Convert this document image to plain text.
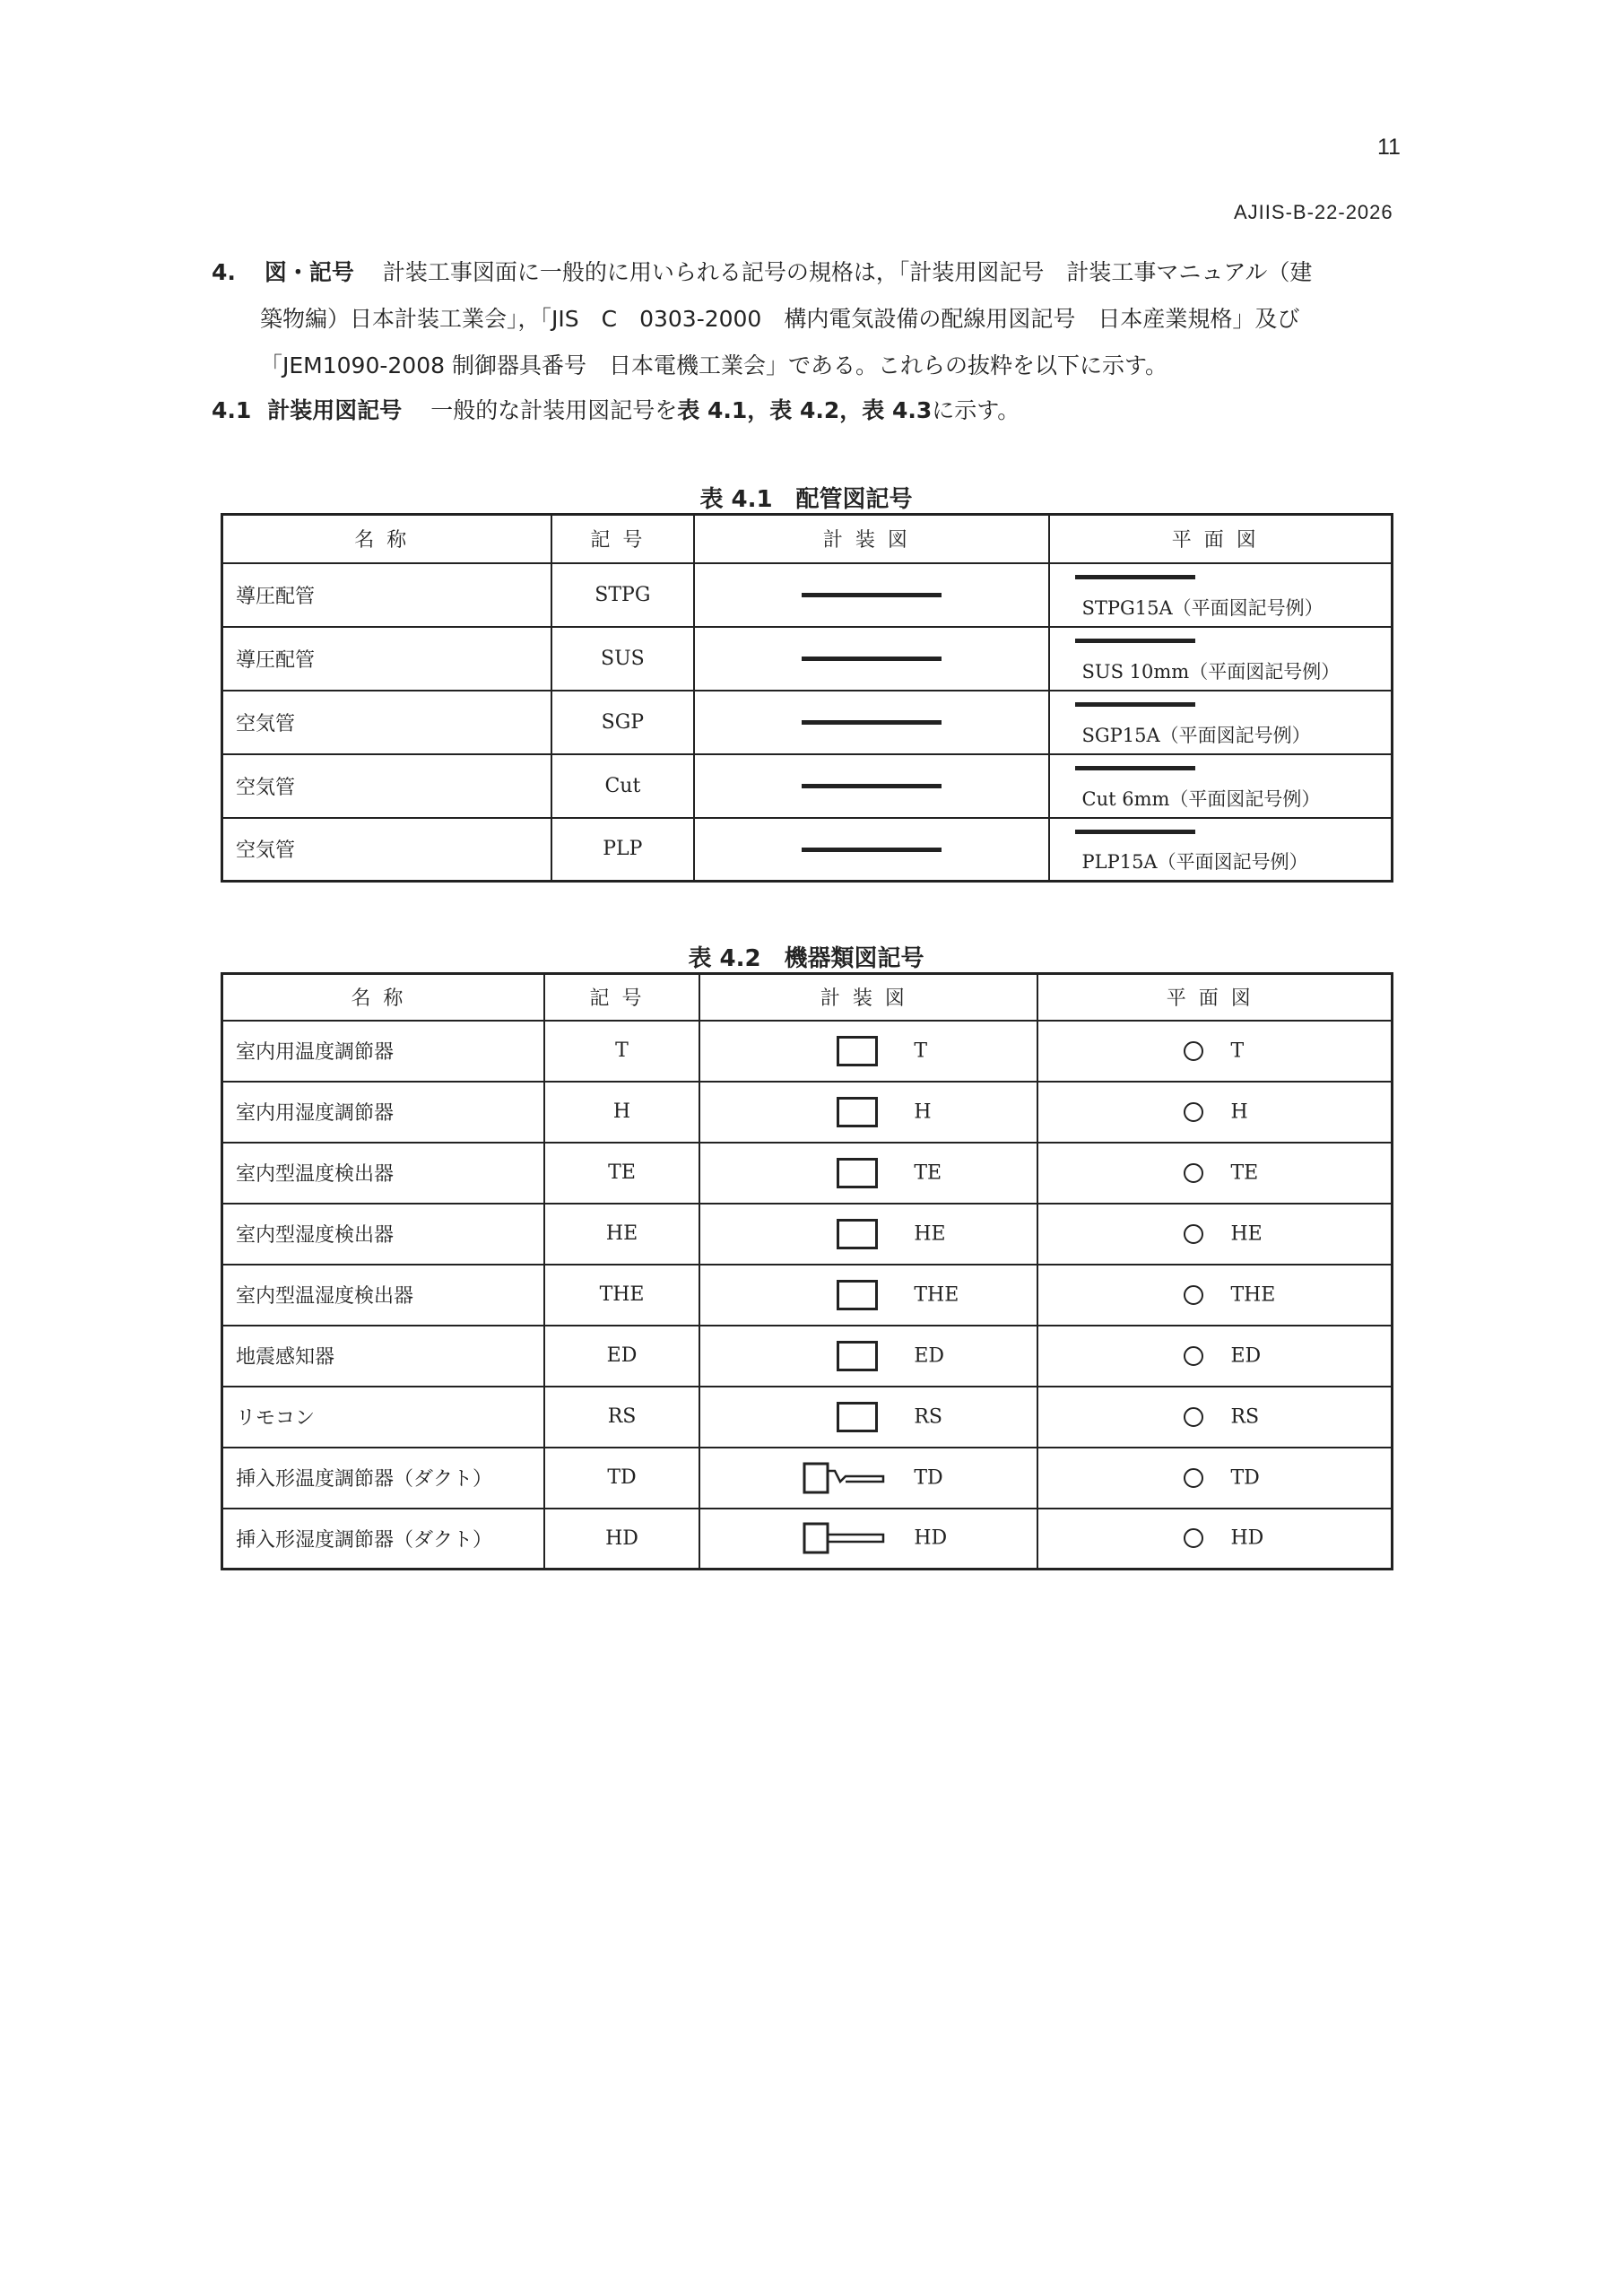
11
AJIIS-B-22-2026
4. 図・記号 計装工事図面に一般的に用いられる記号の規格は，「計装用図記号　計装工事マニュアル（建
築物編）日本計装工業会」，「JIS　C　0303-2000　構内電気設備の配線用図記号　日本産業規格」及び
「JEM1090-2008 制御器具番号　日本電機工業会」である。これらの抜粋を以下に示す。
4.1 計装用図記号 一般的な計装用図記号を表 4.1，表 4.2，表 4.3に示す。
表 4.1　配管図記号
名称	記号	計装図	平面図
導圧配管	STPG		STPG15A（平面図記号例）

導圧配管	SUS		SUS 10mm（平面図記号例）

空気管	SGP		SGP15A（平面図記号例）

空気管	Cut		Cut 6mm（平面図記号例）

空気管	PLP		PLP15A（平面図記号例）
表 4.2　機器類図記号
名称	記号	計装図	平面図
室内用温度調節器	T	T	T

室内用湿度調節器	H	H	H

室内型温度検出器	TE	TE	TE

室内型湿度検出器	HE	HE	HE

室内型温湿度検出器	THE	THE	THE

地震感知器	ED	ED	ED

リモコン	RS	RS	RS

挿入形温度調節器（ダクト）	TD	TD	TD

挿入形湿度調節器（ダクト）	HD	HD	HD
